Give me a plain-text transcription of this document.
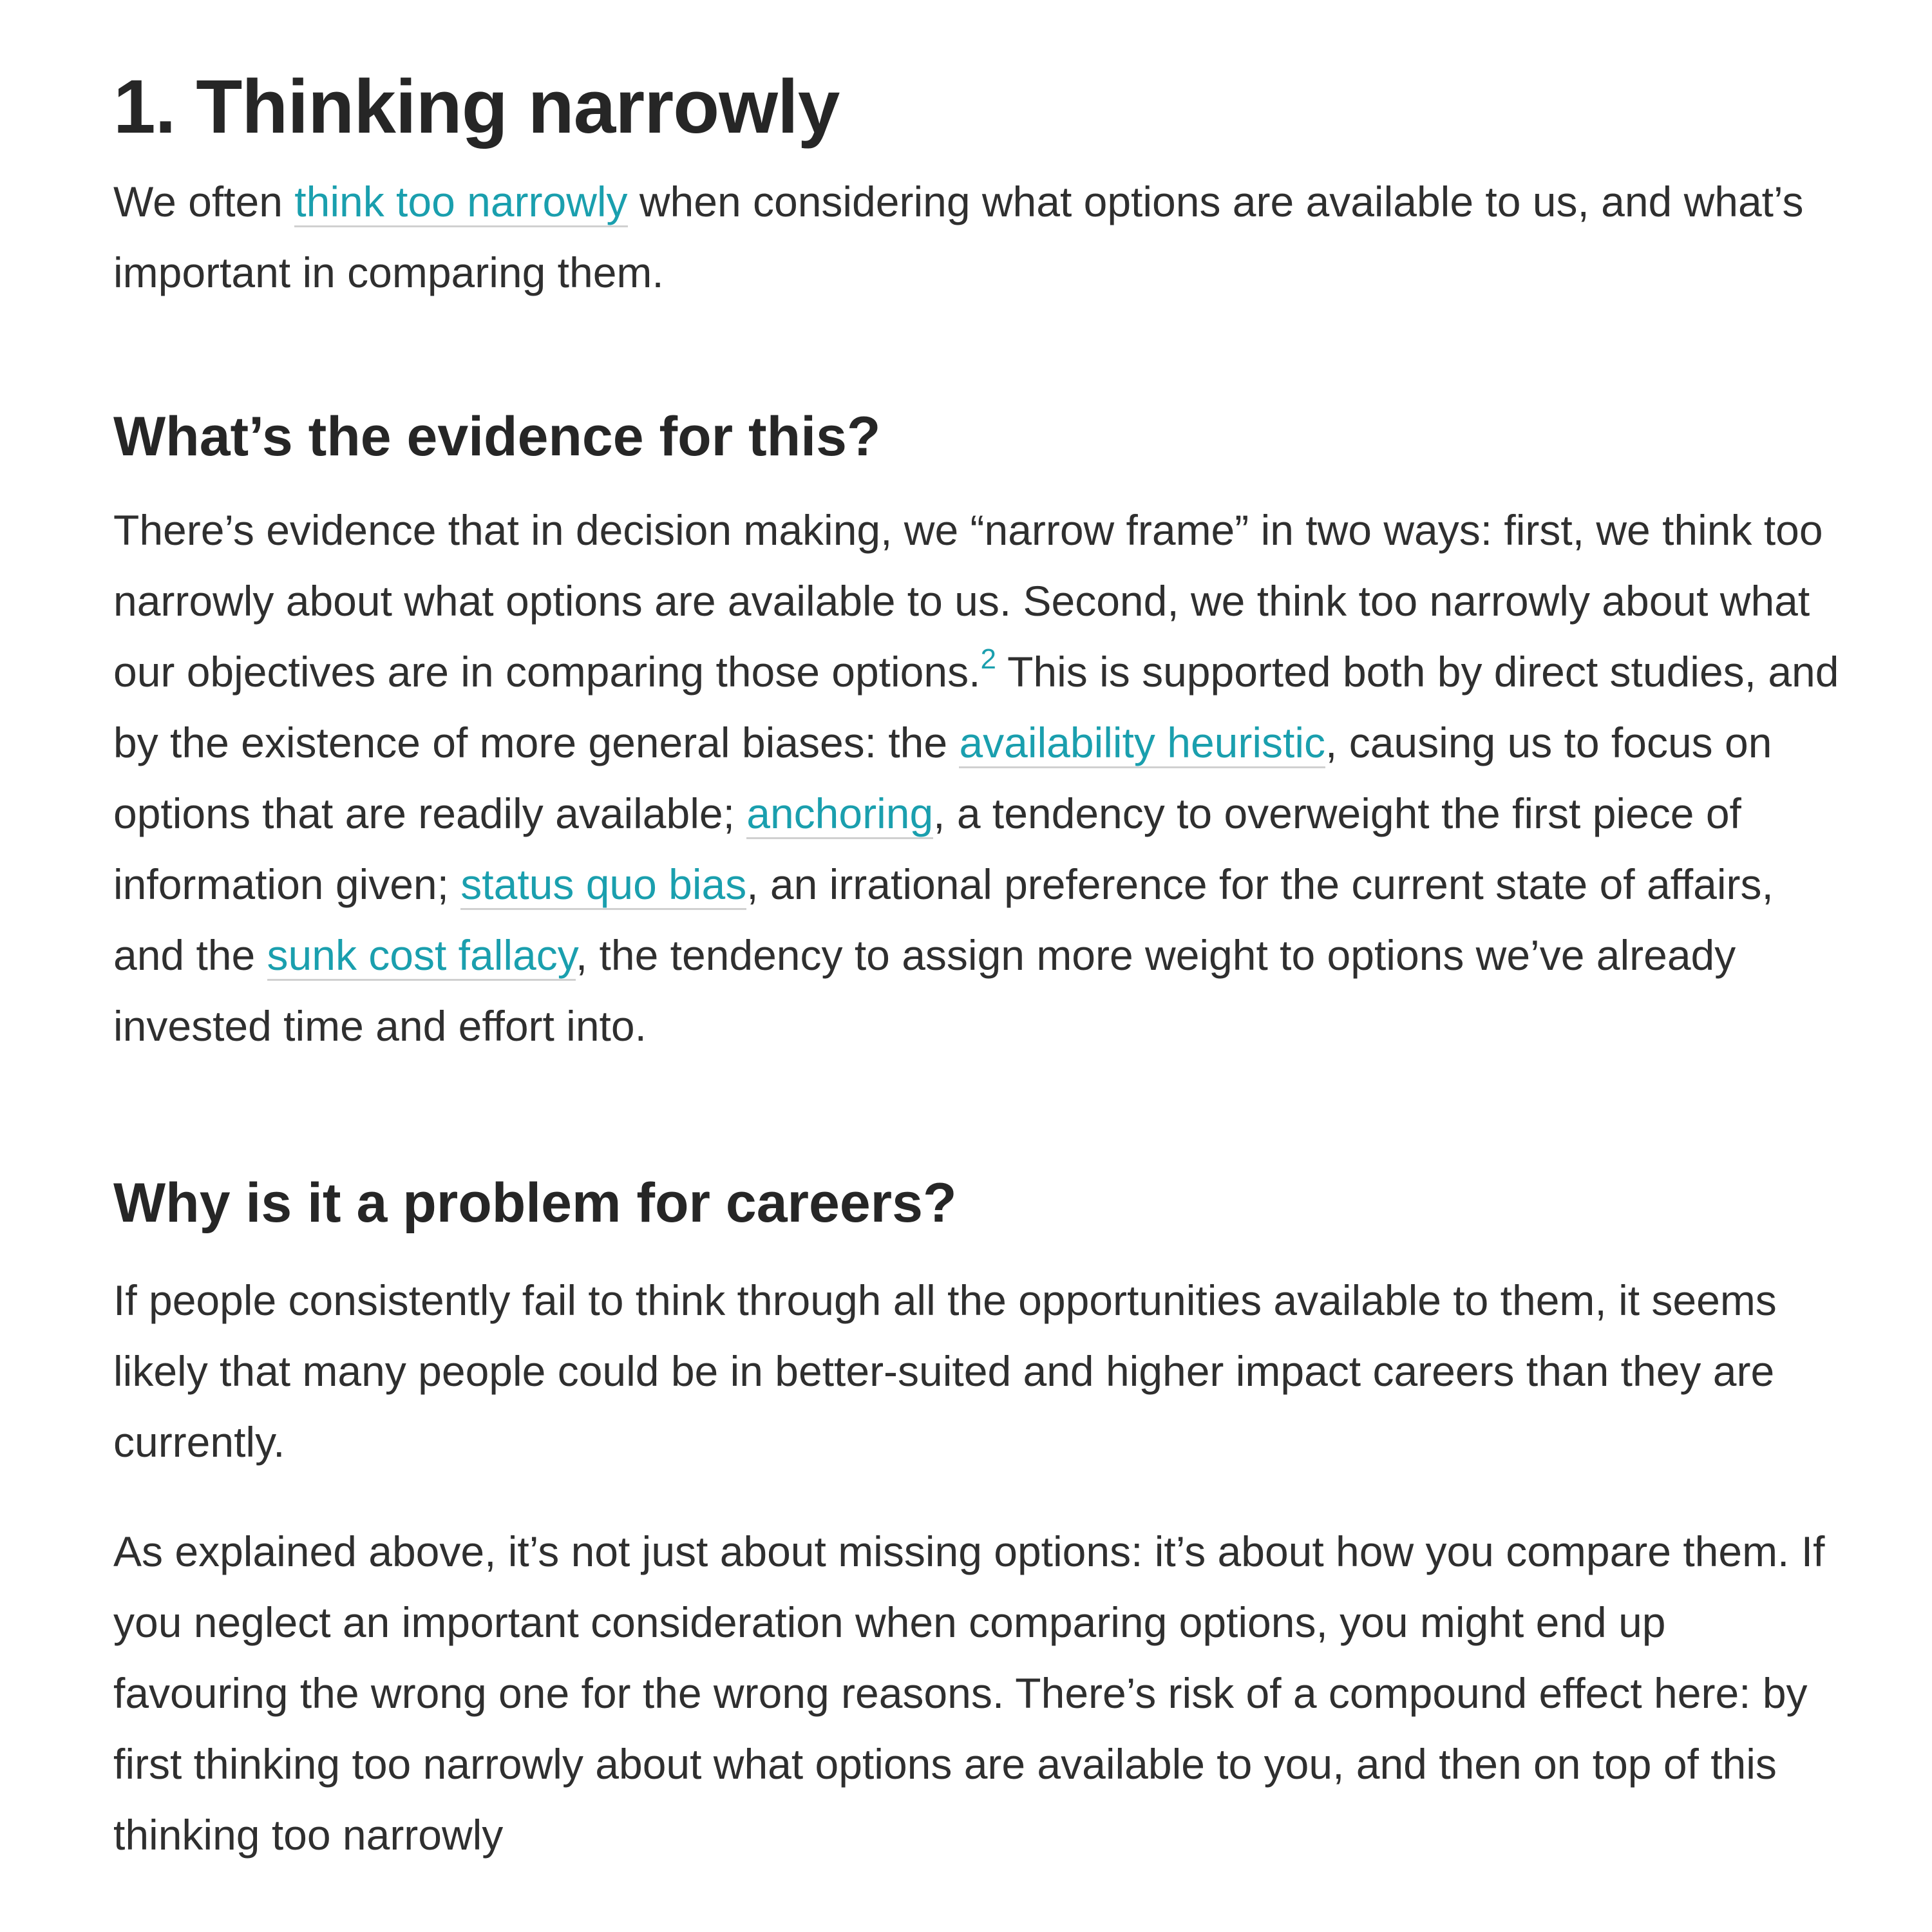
1. Thinking narrowly

We often think too narrowly when considering what options are available to us, and what’s important in comparing them.

What’s the evidence for this?

There’s evidence that in decision making, we “narrow frame” in two ways: first, we think too narrowly about what options are available to us. Second, we think too narrowly about what our objectives are in comparing those options.$^2$ This is supported both by direct studies, and by the existence of more general biases: the availability heuristic, causing us to focus on options that are readily available; anchoring, a tendency to overweight the first piece of information given; status quo bias, an irrational preference for the current state of affairs, and the sunk cost fallacy, the tendency to assign more weight to options we’ve already invested time and effort into.

Why is it a problem for careers?

If people consistently fail to think through all the opportunities available to them, it seems likely that many people could be in better-suited and higher impact careers than they are currently.

As explained above, it’s not just about missing options: it’s about how you compare them. If you neglect an important consideration when comparing options, you might end up favouring the wrong one for the wrong reasons. There’s risk of a compound effect here: by first thinking too narrowly about what options are available to you, and then on top of this thinking too narrowly
